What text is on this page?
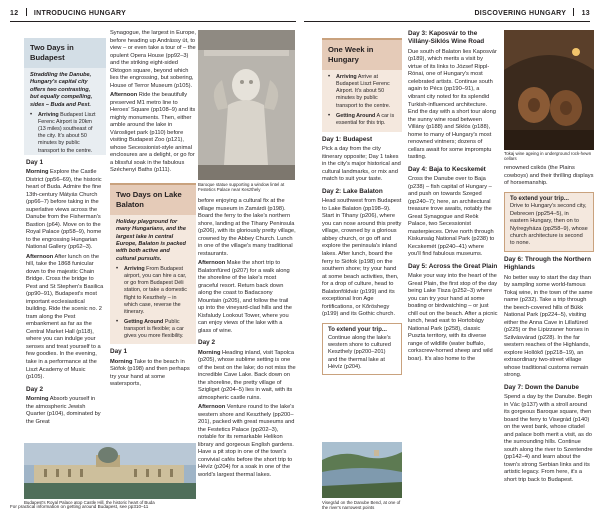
12 INTRODUCING HUNGARY
Two Days in Budapest
Straddling the Danube, Hungary's capital city offers two contrasting, but equally compelling, sides – Buda and Pest.
• Arriving Budapest Liszt Ferenc Airport is 20km (13 miles) southeast of the city. It's about 50 minutes by public transport to the centre.
Day 1
Morning Explore the Castle District (pp56–69), the historic heart of Buda. Admire the fine 13th-century Mátyás Church (pp66–7) before taking in the superlative views across the Danube from the Fisherman's Bastion (p64). Move on to the Royal Palace (pp58–9), home to the engrossing Hungarian National Gallery (pp62–3).
Afternoon After lunch on the hill, take the 1868 funicular down to the majestic Chain Bridge. Cross the bridge to Pest and St Stephen's Basilica (pp90–91), Budapest's most important ecclesiastical building. Ride the scenic no. 2 tram along the Pest embankment as far as the Central Market Hall (p118), where you can indulge your senses and treat yourself to a few goodies. In the evening, take in a performance at the Liszt Academy of Music (p105).
Day 2
Morning Absorb yourself in the atmospheric Jewish Quarter (p104), dominated by the Great
Synagogue, the largest in Europe, before heading up Andrássy út, to view – or even take a tour of – the opulent Opera House (pp92–3) and the striking eight-sided Oktogon square, beyond which lies the engrossing, but sobering, House of Terror Museum (p105).
Afternoon Ride the beautifully preserved M1 metro line to Heroes' Square (pp108–9) and its mighty monuments. Then, either amble around the lake in Városliget park (p110) before visiting Budapest Zoo (p121), whose Secessionist-style animal enclosures are a delight, or go for a blissful soak in the fabulous Széchenyi Baths (p111).
Two Days on Lake Balaton
Holiday playground for many Hungarians, and the largest lake in central Europe, Balaton is packed with both active and cultural pursuits.
• Arriving From Budapest airport, you can hire a car, or go from Budapest Déli station, or take a domestic flight to Keszthely – in which case, reverse the itinerary.
• Getting Around Public transport is flexible; a car gives you more flexibility.
Day 1
Morning Take to the beach in Siófok (p198) and then perhaps try your hand at some watersports,
Baroque statue supporting a window lintel at Festetics Palace near Keszthely
before enjoying a cultural fix at the village museum in Zamárdi (p198). Board the ferry to the lake's northern shore, landing at the Tihany Peninsula (p206), with its gloriously pretty village, crowned by the Abbey Church. Lunch in one of the village's many traditional restaurants.
Afternoon Make the short trip to Balatonfüred (p207) for a walk along the shoreline of the lake's most graceful resort. Return back down along the coast to Badacsony Mountain (p205), and follow the trail up into the vineyard-clad hills and the Kisfaludy Lookout Tower, where you can enjoy views of the lake with a glass of wine.
Day 2
Morning Heading inland, visit Tapolca (p205), whose sublime setting is one of the best on the lake; do not miss the incredible Cave Lake. Back down on the shoreline, the pretty village of Szigliget (p204–5) lies in wait, with its atmospheric castle ruins.
Afternoon Venture round to the lake's western shore and Keszthely (pp200–201), packed with great museums and the Festetics Palace (pp202–3), notable for its remarkable Helikon library and gorgeous English gardens. Have a pit stop in one of the town's convivial cafés before the short trip to Hévíz (p204) for a soak in one of the world's largest thermal lakes.
Budapest's Royal Palace atop Castle Hill, the historic heart of Buda
For practical information on getting around Budapest, see pp310–11
DISCOVERING HUNGARY 13
One Week in Hungary
• Arriving Arrive at Budapest Liszt Ferenc Airport. It's about 50 minutes by public transport to the centre.
• Getting Around A car is essential for this trip.
Day 1: Budapest
Pick a day from the city itinerary opposite; Day 1 takes in the city's major historical and cultural landmarks, or mix and match to suit your taste.
Day 2: Lake Balaton
Head southwest from Budapest to Lake Balaton (pp198–9). Start in Tihany (p206), where you can nose around this pretty village, crowned by a glorious abbey church, or go off and explore the peninsula's inland lakes. After lunch, board the ferry to Siófok (p198) on the southern shore; try your hand at some beach activities, then, for a drop of culture, head to Balatonföldvár (p199) and its exceptional Iron Age fortifications, or Kőröshegy (p199) and its Gothic church.
To extend your trip...
Continue along the lake's western shore to cultured Keszthely (pp200–201) and the thermal lake at Hévíz (p204).
Day 3: Kaposvár to the Villány-Siklós Wine Road
Due south of Balaton lies Kaposvár (p189), which merits a visit by virtue of its links to József Rippl-Rónai, one of Hungary's most celebrated artists. Continue south again to Pécs (pp190–91), a vibrant city noted for its splendid Turkish-influenced architecture. End the day with a short tour along the sunny wine road between Villány (p188) and Siklós (p188), home to many of Hungary's most renowned vintners; dozens of cellars await for some impromptu tasting.
Day 4: Baja to Kecskemét
Cross the Danube over to Baja (p238) – fish capital of Hungary – and push on towards Szeged (pp240–7); here, an architectural treasure trove awaits, notably the Great Synagogue and Reök Palace, two Secessionist masterpieces. Drive north through Kiskunság National Park (p238) to Kecskemét (pp240–41) where you'll find fabulous museums.
Day 5: Across the Great Plain
Make your way into the heart of the Great Plain, the first stop of the day being Lake Tisza (p252–3) where you can try your hand at some boating or birdwatching – or just chill out on the beach. After a picnic lunch, head east to Hortobágy National Park (p258), classic Puszta territory, with its diverse range of wildlife (water buffalo, corkscrew-horned sheep and wild boar). It's also home to the
Tokaj wine ageing in underground rock-hewn cellars
renowned csikós (the Plains cowboys) and their thrilling displays of horsemanship.
To extend your trip...
Drive to Hungary's second city, Debrecen (pp254–5), in eastern Hungary, then on to Nyíregyháza (pp258–9), whose church architecture is second to none.
Day 6: Through the Northern Highlands
No better way to start the day than by sampling some world-famous Tokaj wine, in the town of the same name (p232). Take a trip through the beech-covered hills of Bükk National Park (pp224–5), visiting either the Anna Cave in Lillafüred (p225) or the Lipizzaner horses in Szilvásvárad (p228). In the far western reaches of the Highlands, explore Hollókő (pp218–19), an extraordinary two-street village whose traditional customs remain strong.
Day 7: Down the Danube
Spend a day by the Danube. Begin in Vác (p137) with a stroll around its gorgeous Baroque square, then board the ferry to Visegrád (p140) on the west bank, whose citadel and palace both merit a visit, as do the surrounding hills. Continue south along the river to Szentendre (pp142–4) and learn about the town's strong Serbian links and its artistic legacy. From here, it's a short trip back to Budapest.
Visegrád on the Danube Bend, at one of the river's narrowest points
